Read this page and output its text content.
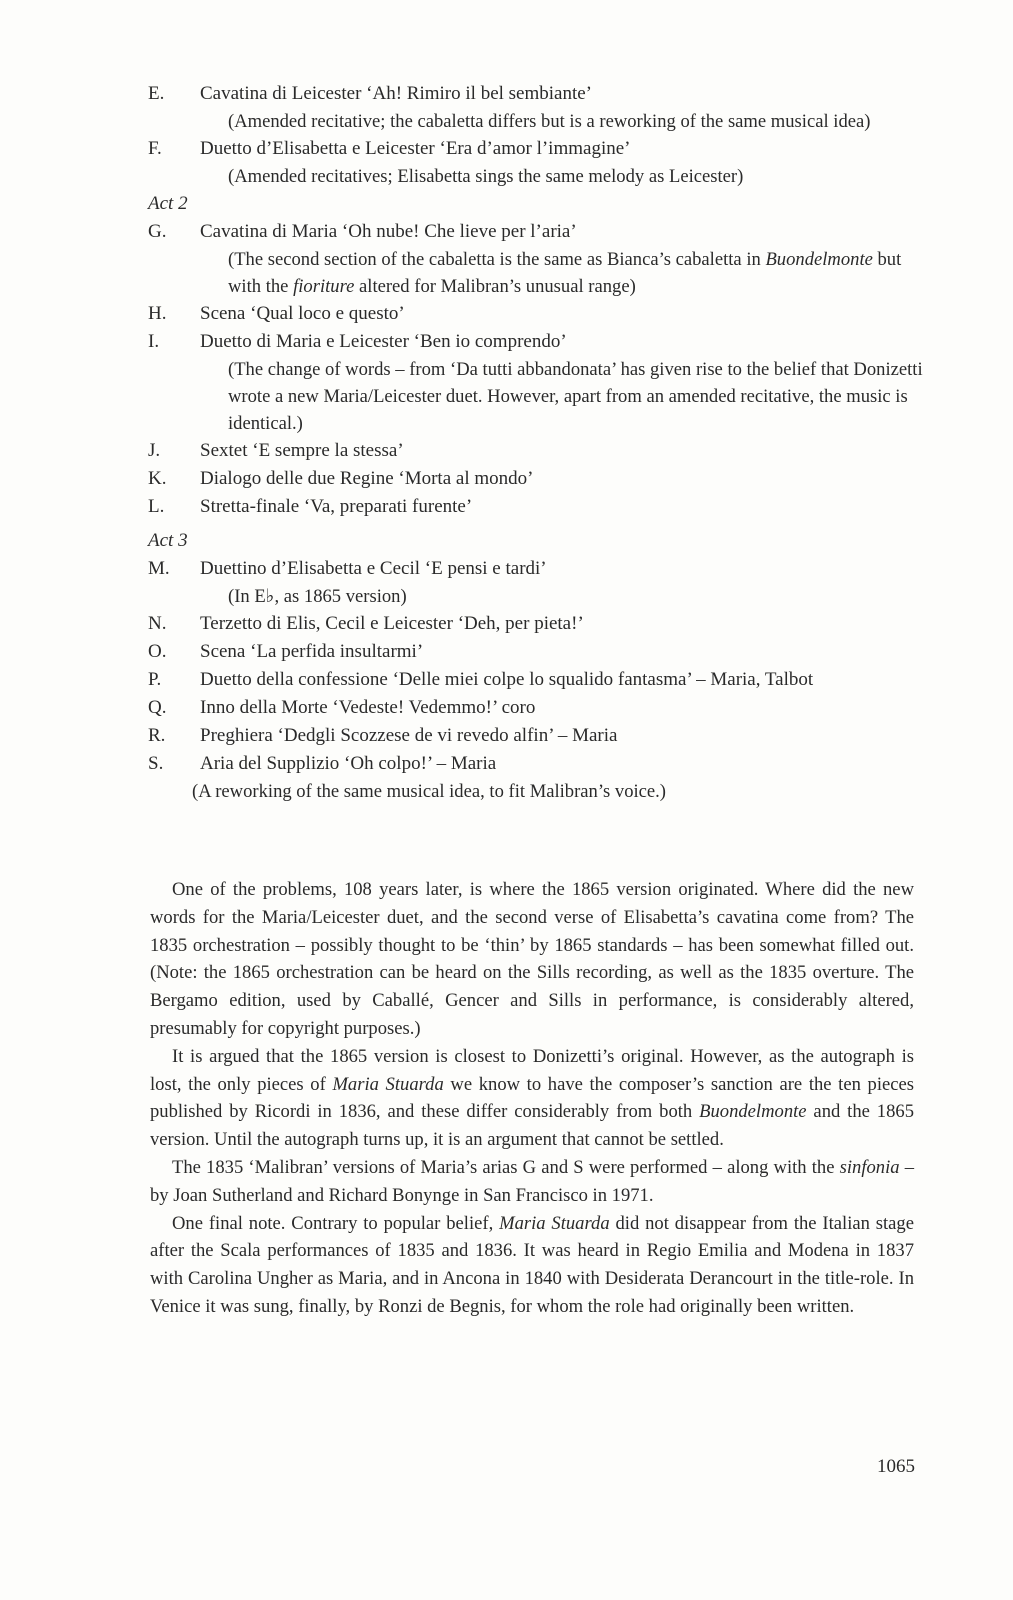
E.	Cavatina di Leicester ‘Ah! Rimiro il bel sembiante’
(Amended recitative; the cabaletta differs but is a reworking of the same musical idea)
F.	Duetto d’Elisabetta e Leicester ‘Era d’amor l’immagine’
(Amended recitatives; Elisabetta sings the same melody as Leicester)
Act 2
G.	Cavatina di Maria ‘Oh nube! Che lieve per l’aria’
(The second section of the cabaletta is the same as Bianca’s cabaletta in Buondelmonte but with the fioriture altered for Malibran’s unusual range)
H.	Scena ‘Qual loco e questo’
I.	Duetto di Maria e Leicester ‘Ben io comprendo’
(The change of words – from ‘Da tutti abbandonata’ has given rise to the belief that Donizetti wrote a new Maria/Leicester duet. However, apart from an amended recitative, the music is identical.)
J.	Sextet ‘E sempre la stessa’
K.	Dialogo delle due Regine ‘Morta al mondo’
L.	Stretta-finale ‘Va, preparati furente’
Act 3
M.	Duettino d’Elisabetta e Cecil ‘E pensi e tardi’
(In E♭, as 1865 version)
N.	Terzetto di Elis, Cecil e Leicester ‘Deh, per pieta!’
O.	Scena ‘La perfida insultarmi’
P.	Duetto della confessione ‘Delle miei colpe lo squalido fantasma’ – Maria, Talbot
Q.	Inno della Morte ‘Vedeste! Vedemmo!’ coro
R.	Preghiera ‘Dedgli Scozzese de vi revedo alfin’ – Maria
S.	Aria del Supplizio ‘Oh colpo!’ – Maria
(A reworking of the same musical idea, to fit Malibran’s voice.)

One of the problems, 108 years later, is where the 1865 version originated. Where did the new words for the Maria/Leicester duet, and the second verse of Elisabetta’s cavatina come from? The 1835 orchestration – possibly thought to be ‘thin’ by 1865 standards – has been somewhat filled out. (Note: the 1865 orchestration can be heard on the Sills recording, as well as the 1835 overture. The Bergamo edition, used by Caballé, Gencer and Sills in performance, is considerably altered, presumably for copyright purposes.)

It is argued that the 1865 version is closest to Donizetti’s original. However, as the autograph is lost, the only pieces of Maria Stuarda we know to have the composer’s sanction are the ten pieces published by Ricordi in 1836, and these differ considerably from both Buondelmonte and the 1865 version. Until the autograph turns up, it is an argument that cannot be settled.

The 1835 ‘Malibran’ versions of Maria’s arias G and S were performed – along with the sinfonia – by Joan Sutherland and Richard Bonynge in San Francisco in 1971.

One final note. Contrary to popular belief, Maria Stuarda did not disappear from the Italian stage after the Scala performances of 1835 and 1836. It was heard in Regio Emilia and Modena in 1837 with Carolina Ungher as Maria, and in Ancona in 1840 with Desiderata Derancourt in the title-role. In Venice it was sung, finally, by Ronzi de Begnis, for whom the role had originally been written.

1065
